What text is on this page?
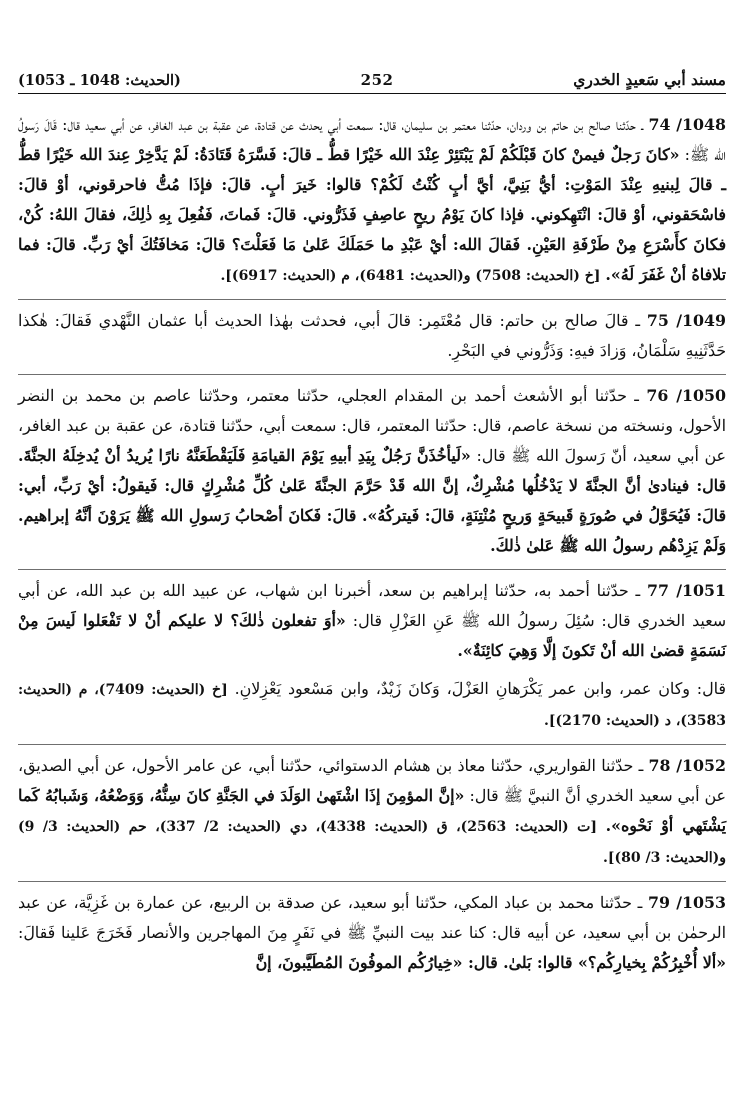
مسند أبي سَعيدٍ الخدري
252
(الحديث: 1048 ـ 1053)

1048/ 74 ـ حدّثنا صالح بن حاتم بن وردان، حدّثنا معتمر بن سليمان، قال: سمعت أبي يحدث عن قتادة، عن عقبة بن عبد الغافر، عن أبي سعيد قال: قَالَ رَسولُ الله ﷺ: «كانَ رَجلٌ فيمنْ كانَ قَبْلَكُمْ لَمْ يَبْتَئِرْ عِنْدَ الله خَيْرًا قطُّ ـ قالَ: فَسَّرَهُ قَتَادَةُ: لَمْ يَدَّخِرْ عِندَ الله خَيْرًا قطُّ ـ قالَ لِبنيهِ عِنْدَ المَوْتِ: أيُّ بَنِيَّ، أيَّ أبٍ كُنْتُ لَكُمْ؟ قالوا: خَيرَ أبٍ. قالَ: فإذَا مُتُّ فاحرقوني، أوْ قالَ: فاسْحَقوني، أوْ قالَ: انْتَهِكوني. فإذا كانَ يَوْمُ ريحٍ عاصِفٍ فَذَرُّوني. قالَ: فَماتَ، فَفُعِلَ بِهِ ذٰلِكَ، فقالَ اللهُ: كُنْ، فكانَ كأَسْرَعِ مِنْ طَرْفَةِ العَيْنِ. فَقالَ الله: أيْ عَبْدِ ما حَمَلَكَ عَلىٰ مَا فَعَلْتَ؟ قالَ: مَخافَتُكَ أيْ رَبِّ. قالَ: فما تلافاهُ أنْ غَفَرَ لَهُ». [خ (الحديث: 7508) و(الحديث: 6481)، م (الحديث: 6917)].

1049/ 75 ـ قالَ صالح بن حاتم: قال مُعْتَمِر: قالَ أبي، فحدثت بهٰذا الحديث أبا عثمان النَّهْدي فَقالَ: هٰكذا حَدَّثَنِيهِ سَلْمَانُ، وَزادَ فيهِ: وَذَرُّوني في البَحْرِ.

1050/ 76 ـ حدّثنا أبو الأشعث أحمد بن المقدام العجلي، حدّثنا معتمر، وحدّثنا عاصم بن محمد بن النضر الأحول، ونسخته من نسخة عاصم، قال: حدّثنا المعتمر، قال: سمعت أبي، حدّثنا قتادة، عن عقبة بن عبد الغافر، عن أبي سعيد، أنّ رَسولَ الله ﷺ قال: «لَيأخُذَنَّ رَجُلٌ بِيَدِ أبيهِ يَوْمَ القيامَةِ فَلَيَقْطَعَنَّهُ نارًا يُريدُ أنْ يُدخِلَهُ الجنَّةَ. قال: فينادىٰ أنَّ الجنَّةَ لا يَدْخُلُها مُشْرِكٌ، إنَّ الله قَدْ حَرَّمَ الجنَّةَ عَلىٰ كُلِّ مُشْرِكٍ قال: فَيقولُ: أيْ رَبِّ، أبي: قالَ: فَيُحَوَّلُ في صُورَةٍ قَبيحَةٍ وَريحٍ مُنْتِنَةٍ، قالَ: فَيتركُهُ». قالَ: فَكانَ أصْحابُ رَسولِ الله ﷺ يَرَوْنَ أنَّهُ إبراهيم. وَلَمْ يَزِدْهُم رسولُ الله ﷺ عَلىٰ ذٰلكَ.

1051/ 77 ـ حدّثنا أحمد به، حدّثنا إبراهيم بن سعد، أخبرنا ابن شهاب، عن عبيد الله بن عبد الله، عن أبي سعيد الخدري قال: سُئِلَ رسولُ الله ﷺ عَنِ العَزْلِ قال: «أوَ تفعلون ذٰلكَ؟ لا عليكم أنْ لا تَفْعَلوا لَيسَ مِنْ نَسَمَةٍ قضىٰ الله أنْ تَكونَ إلَّا وَهِيَ كائِنَةٌ».

قال: وكان عمر، وابن عمر يَكْرَهانِ العَزْلَ، وَكانَ زَيْدٌ، وابن مَسْعود يَعْزِلانِ. [خ (الحديث: 7409)، م (الحديث: 3583)، د (الحديث: 2170)].

1052/ 78 ـ حدّثنا القواريري، حدّثنا معاذ بن هشام الدستوائي، حدّثنا أبي، عن عامر الأحول، عن أبي الصديق، عن أبي سعيد الخدري أنَّ النبيَّ ﷺ قال: «إنَّ المؤمِنَ إذَا اشْتَهىٰ الوَلَدَ في الجَنَّةِ كانَ سِنُّهُ، وَوَضْعُهُ، وَشَبابُهُ كَما يَشْتَهي أوْ نَحْوه». [ت (الحديث: 2563)، ق (الحديث: 4338)، دي (الحديث: 2/ 337)، حم (الحديث: 3/ 9) و(الحديث: 3/ 80)].

1053/ 79 ـ حدّثنا محمد بن عباد المكي، حدّثنا أبو سعيد، عن صدقة بن الربيع، عن عمارة بن غَزِيَّة، عن عبد الرحمٰن بن أبي سعيد، عن أبيه قال: كنا عند بيت النبيِّ ﷺ في نَفَرٍ مِنَ المهاجرين والأنصار فَخَرَجَ عَلينا فَقالَ: «ألا أُخْبِرُكُمْ بِخيارِكُم؟» قالوا: بَلىٰ. قال: «خِيارُكُم الموفُونَ المُطَيَّبونَ، إنَّ
